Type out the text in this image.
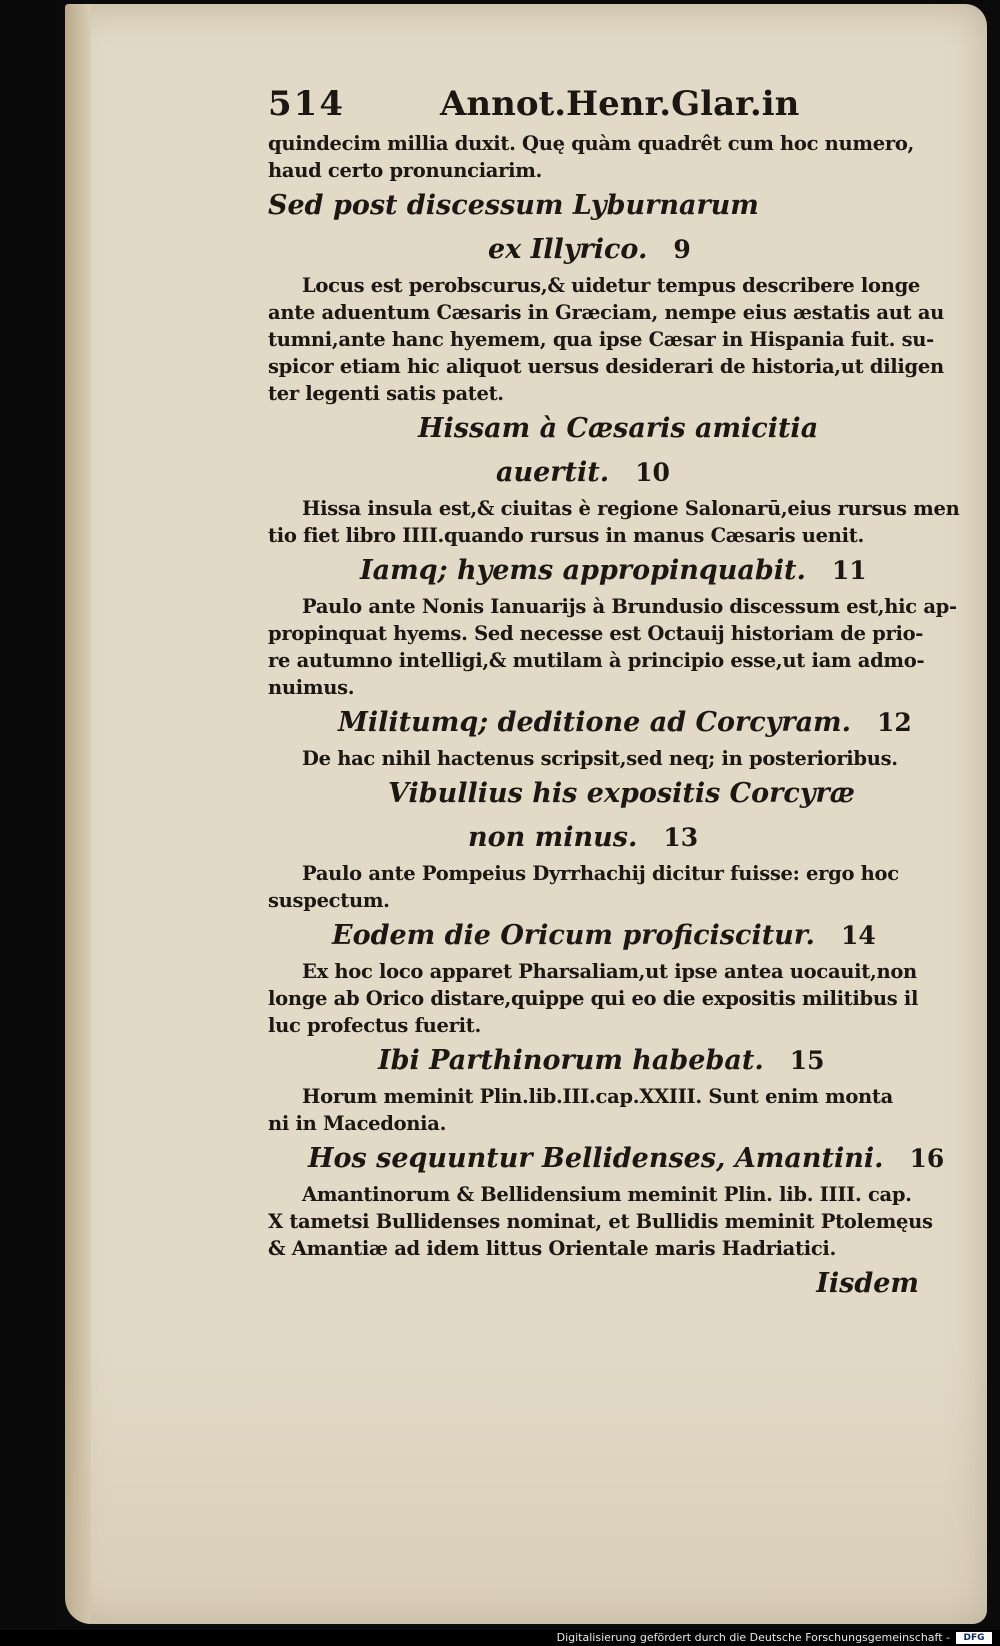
514	Annot.Henr.Glar.in
quindecim millia duxit. Quę quàm quadrêt cum hoc numero,
haud certo pronunciarim.
Sed post discessum Lyburnarum
ex Illyrico. 9
Locus est perobscurus,& uidetur tempus describere longe
ante aduentum Cæsaris in Græciam, nempe eius æstatis aut au
tumni,ante hanc hyemem, qua ipse Cæsar in Hispania fuit. su-
spicor etiam hic aliquot uersus desiderari de historia,ut diligen
ter legenti satis patet.
Hissam à Cæsaris amicitia
auertit. 10
Hissa insula est,& ciuitas è regione Salonarū,eius rursus men
tio fiet libro IIII.quando rursus in manus Cæsaris uenit.
Iamq; hyems appropinquabit. 11
Paulo ante Nonis Ianuarijs à Brundusio discessum est,hic ap-
propinquat hyems. Sed necesse est Octauij historiam de prio-
re autumno intelligi,& mutilam à principio esse,ut iam admo-
nuimus.
Militumq; deditione ad Corcyram. 12
De hac nihil hactenus scripsit,sed neq; in posterioribus.
Vibullius his expositis Corcyræ
non minus. 13
Paulo ante Pompeius Dyrrhachij dicitur fuisse: ergo hoc
suspectum.
Eodem die Oricum proficiscitur. 14
Ex hoc loco apparet Pharsaliam,ut ipse antea uocauit,non
longe ab Orico distare,quippe qui eo die expositis militibus il
luc profectus fuerit.
Ibi Parthinorum habebat. 15
Horum meminit Plin.lib.III.cap.XXIII. Sunt enim monta
ni in Macedonia.
Hos sequuntur Bellidenses, Amantini. 16
Amantinorum & Bellidensium meminit Plin. lib. IIII. cap.
X tametsi Bullidenses nominat, et Bullidis meminit Ptolemęus
& Amantiæ ad idem littus Orientale maris Hadriatici.
Iisdem
Digitalisierung gefördert durch die Deutsche Forschungsgemeinschaft -	DFG
